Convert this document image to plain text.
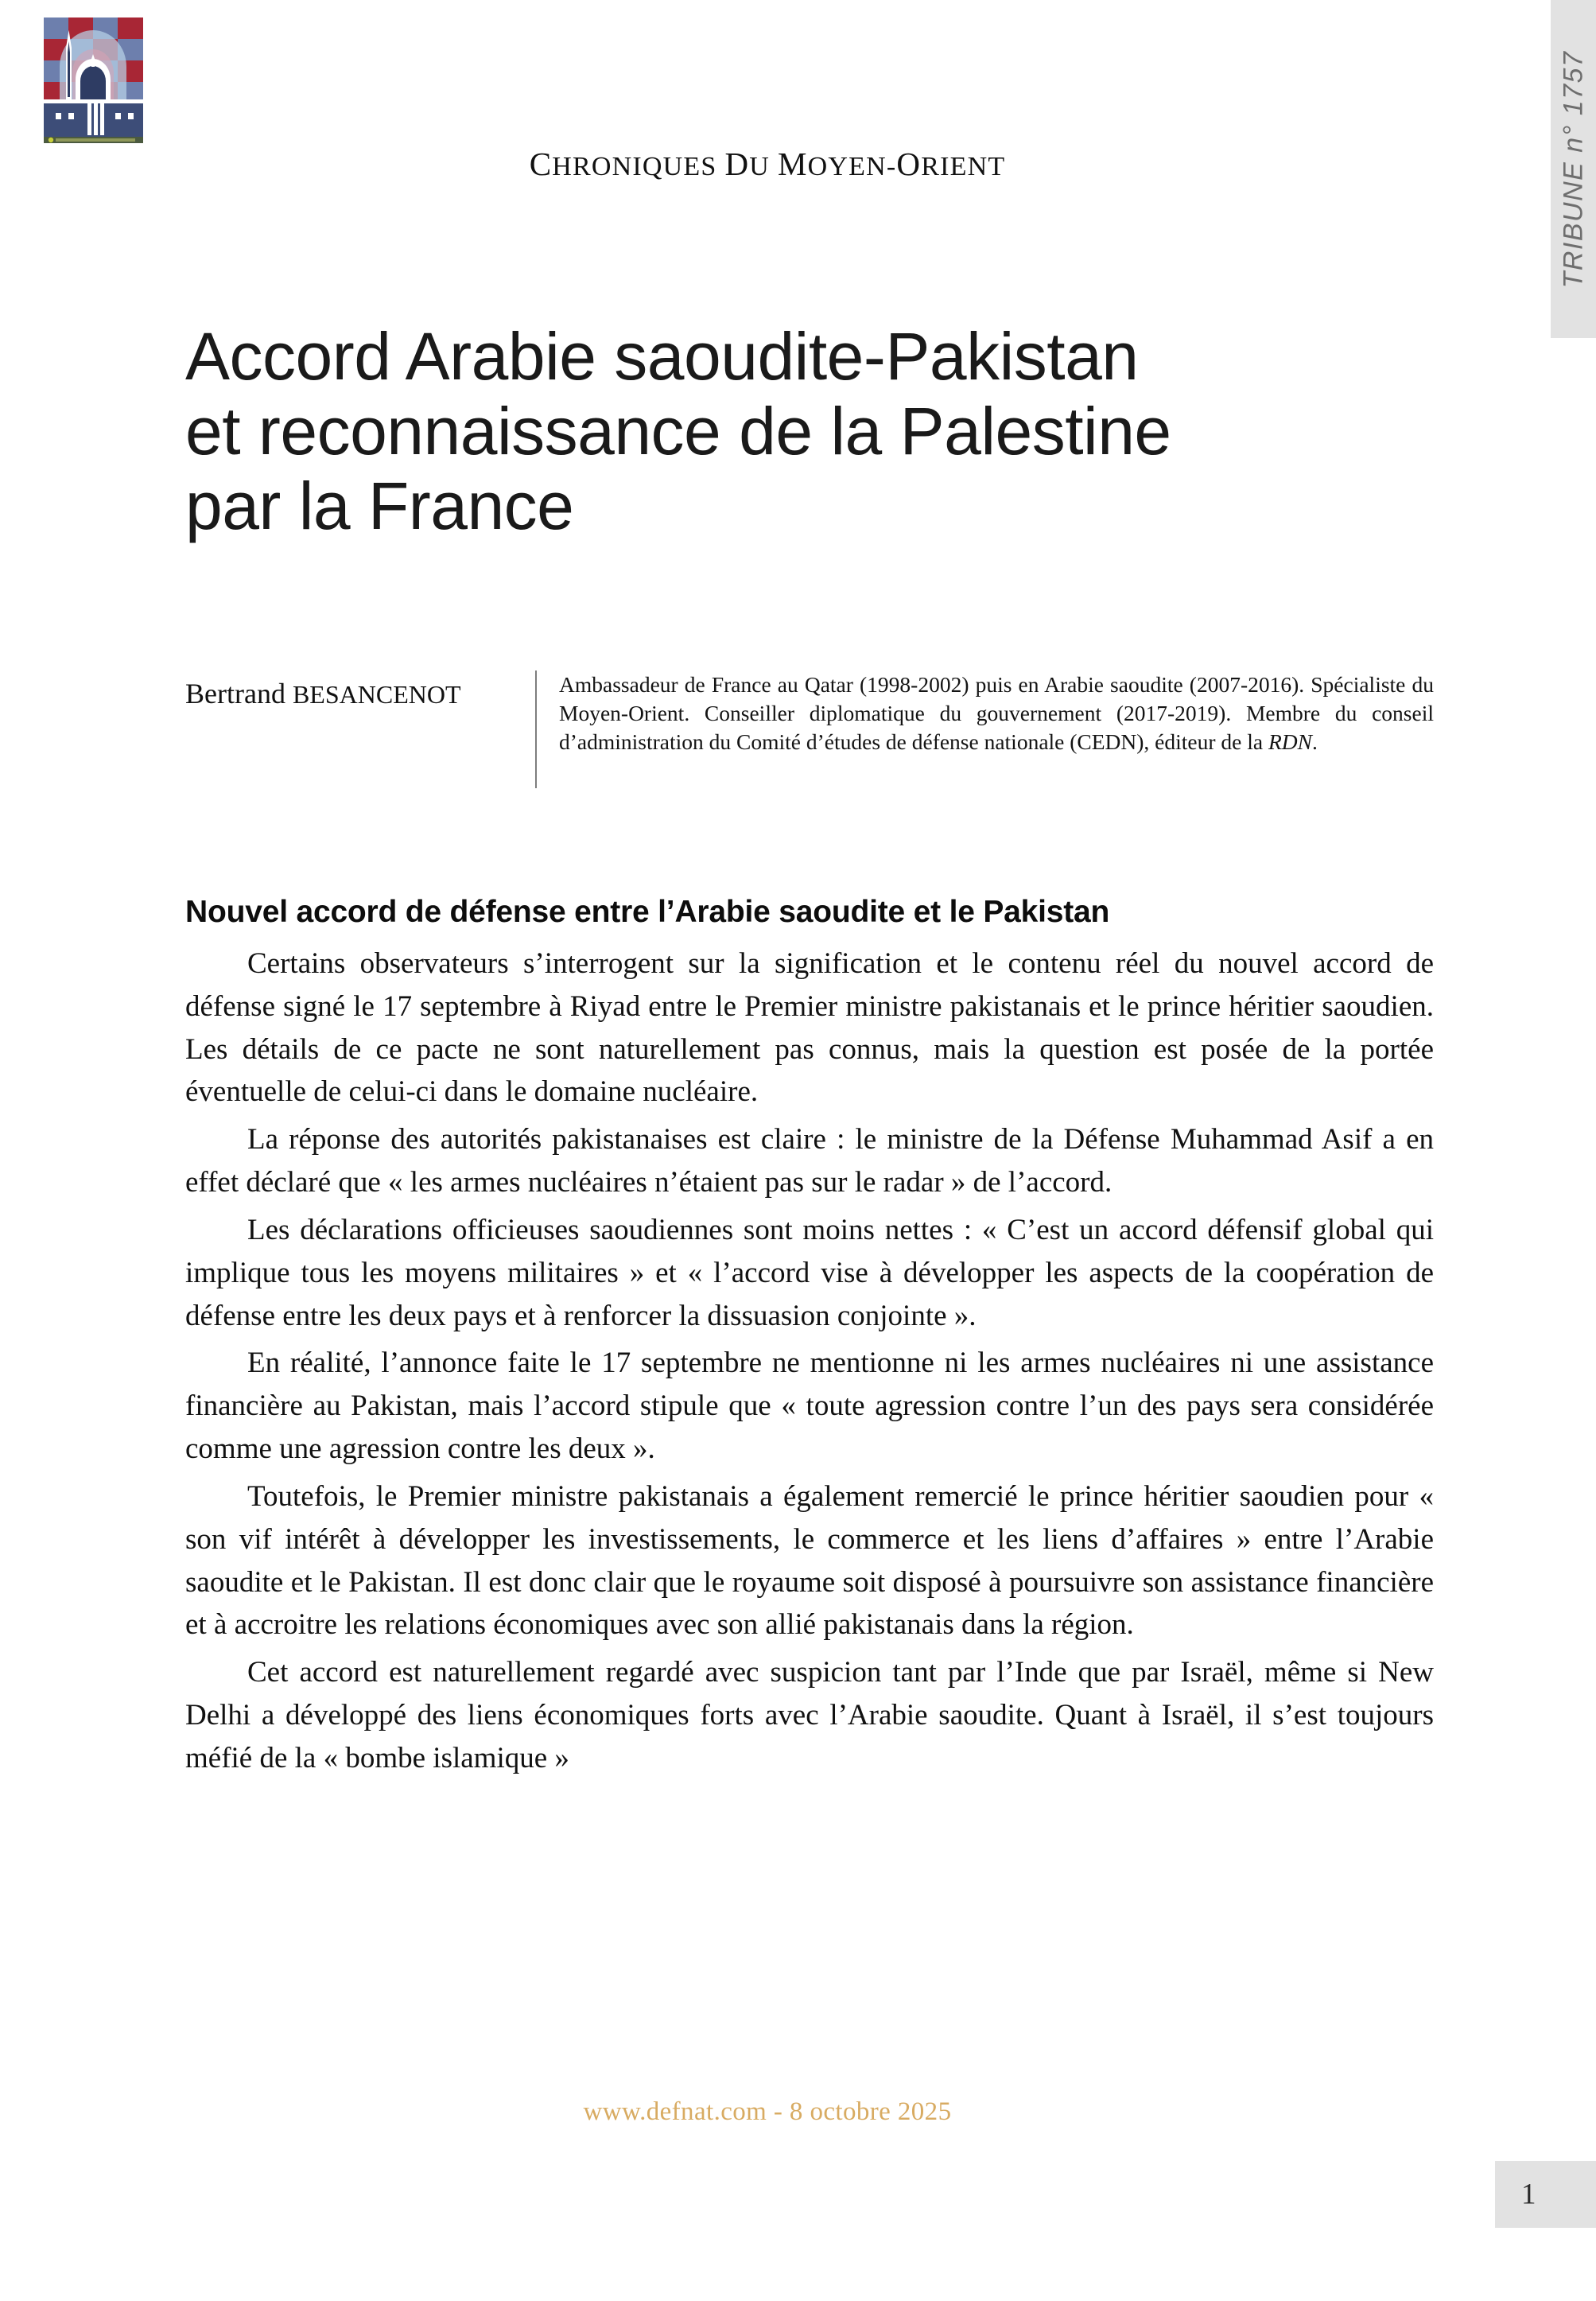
CHRONIQUES DU MOYEN-ORIENT	TRIBUNE n° 1757
Accord Arabie saoudite-Pakistan
et reconnaissance de la Palestine
par la France
Bertrand BESANCENOT	Ambassadeur de France au Qatar (1998-2002) puis en Arabie saoudite (2007-2016). Spécialiste du Moyen-Orient. Conseiller diplomatique du gouvernement (2017-2019). Membre du conseil d’administration du Comité d’études de défense nationale (CEDN), éditeur de la RDN.
Nouvel accord de défense entre l’Arabie saoudite et le Pakistan

Certains observateurs s’interrogent sur la signification et le contenu réel du nouvel accord de défense signé le 17 septembre à Riyad entre le Premier ministre pakistanais et le prince héritier saoudien. Les détails de ce pacte ne sont naturellement pas connus, mais la question est posée de la portée éventuelle de celui-ci dans le domaine nucléaire.

La réponse des autorités pakistanaises est claire : le ministre de la Défense Muhammad Asif a en effet déclaré que « les armes nucléaires n’étaient pas sur le radar » de l’accord.

Les déclarations officieuses saoudiennes sont moins nettes : « C’est un accord défensif global qui implique tous les moyens militaires » et « l’accord vise à développer les aspects de la coopération de défense entre les deux pays et à renforcer la dissuasion conjointe ».

En réalité, l’annonce faite le 17 septembre ne mentionne ni les armes nucléaires ni une assistance financière au Pakistan, mais l’accord stipule que « toute agression contre l’un des pays sera considérée comme une agression contre les deux ».

Toutefois, le Premier ministre pakistanais a également remercié le prince héritier saoudien pour « son vif intérêt à développer les investissements, le commerce et les liens d’affaires » entre l’Arabie saoudite et le Pakistan. Il est donc clair que le royaume soit disposé à poursuivre son assistance financière et à accroitre les relations économiques avec son allié pakistanais dans la région.

Cet accord est naturellement regardé avec suspicion tant par l’Inde que par Israël, même si New Delhi a développé des liens économiques forts avec l’Arabie saoudite. Quant à Israël, il s’est toujours méfié de la « bombe islamique »

www.defnat.com - 8 octobre 2025
1
